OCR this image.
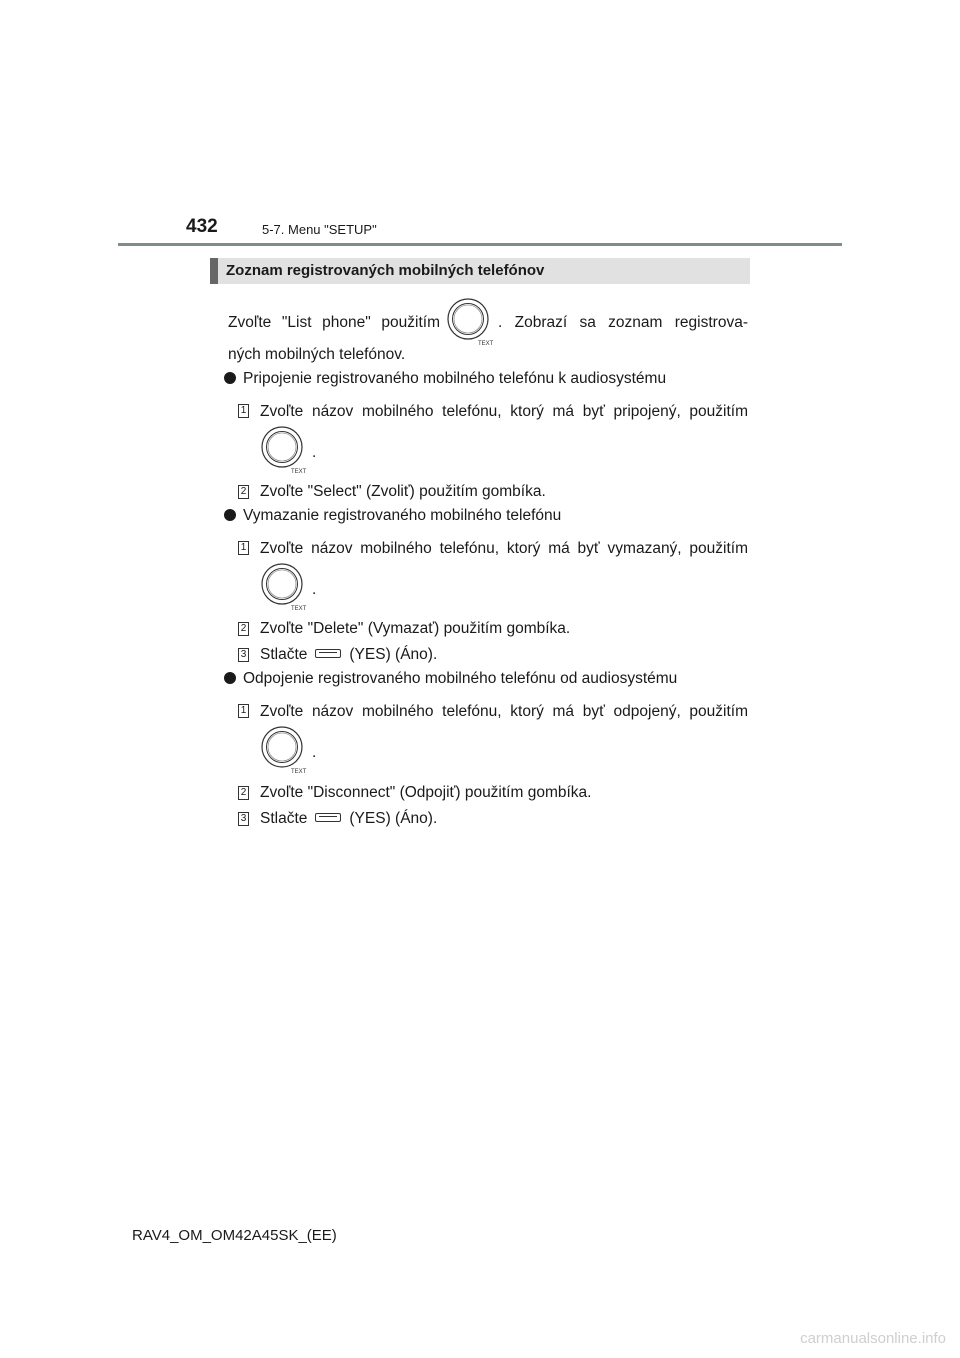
432	5-7. Menu "SETUP"
Zoznam registrovaných mobilných telefónov
Zvoľte "List phone" použitím
TEXT
. Zobrazí sa zoznam registrova-
ných mobilných telefónov.
Pripojenie registrovaného mobilného telefónu k audiosystému
1 Zvoľte názov mobilného telefónu, ktorý má byť pripojený, použitím
TEXT
.
2 Zvoľte "Select" (Zvoliť) použitím gombíka.
Vymazanie registrovaného mobilného telefónu
1 Zvoľte názov mobilného telefónu, ktorý má byť vymazaný, použitím
TEXT
.
2 Zvoľte "Delete" (Vymazať) použitím gombíka.
3 Stlačte	(YES) (Áno).
Odpojenie registrovaného mobilného telefónu od audiosystému
1 Zvoľte názov mobilného telefónu, ktorý má byť odpojený, použitím
TEXT
.
2 Zvoľte "Disconnect" (Odpojiť) použitím gombíka.
3 Stlačte	(YES) (Áno).
RAV4_OM_OM42A45SK_(EE)
carmanualsonline.info
